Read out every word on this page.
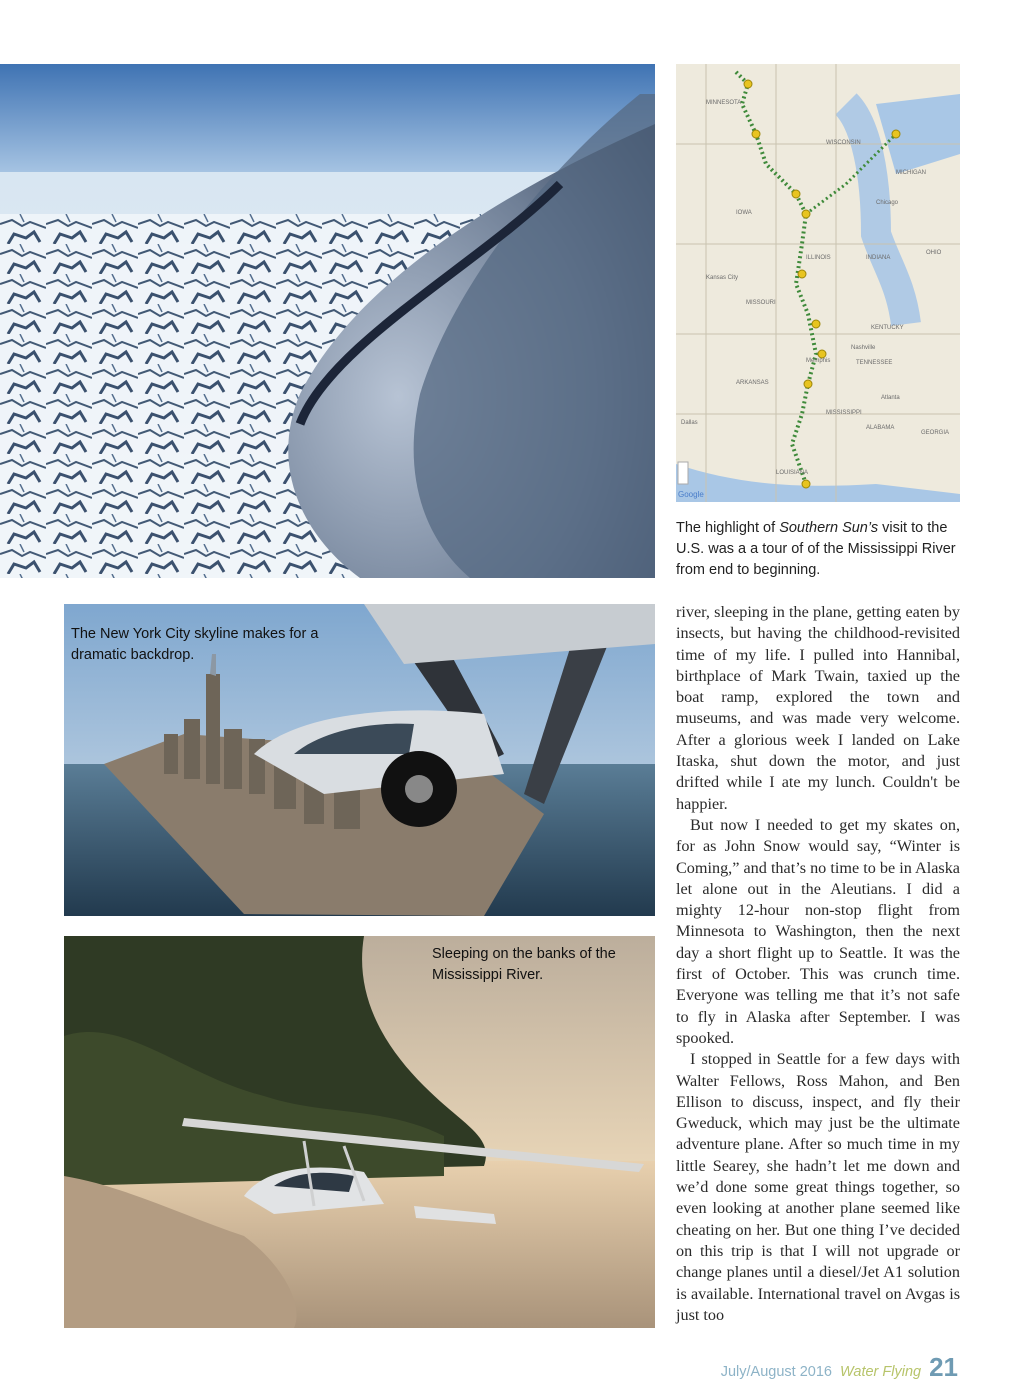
MINNESOTA
WISCONSIN
MICHIGAN
IOWA
ILLINOIS	INDIANA
OHIO
MISSOURI
KENTUCKY
TENNESSEE
ARKANSAS
MISSISSIPPI
ALABAMA
GEORGIA
LOUISIANA
Chicago
Memphis
Kansas City
Nashville
Atlanta
Dallas
Google
The highlight of Southern Sun’s visit to the U.S. was a a tour of of the Mississippi River from end to beginning.
The New York City skyline makes for a dramatic backdrop.
Sleeping on the banks of the Mississippi River.

river, sleeping in the plane, getting eaten by insects, but having the childhood-revisited time of my life. I pulled into Hannibal, birthplace of Mark Twain, taxied up the boat ramp, explored the town and museums, and was made very welcome. After a glorious week I landed on Lake Itaska, shut down the motor, and just drifted while I ate my lunch. Couldn't be happier.

But now I needed to get my skates on, for as John Snow would say, “Winter is Coming,” and that’s no time to be in Alaska let alone out in the Aleutians. I did a mighty 12-hour non-stop flight from Minnesota to Washington, then the next day a short flight up to Seattle. It was the first of October. This was crunch time. Everyone was telling me that it’s not safe to fly in Alaska after September. I was spooked.

I stopped in Seattle for a few days with Walter Fellows, Ross Mahon, and Ben Ellison to discuss, inspect, and fly their Gweduck, which may just be the ultimate adventure plane. After so much time in my little Searey, she hadn’t let me down and we’d done some great things together, so even looking at another plane seemed like cheating on her. But one thing I’ve decided on this trip is that I will not upgrade or change planes until a diesel/Jet A1 solution is available. International travel on Avgas is just too

July/August 2016 Water Flying 21
